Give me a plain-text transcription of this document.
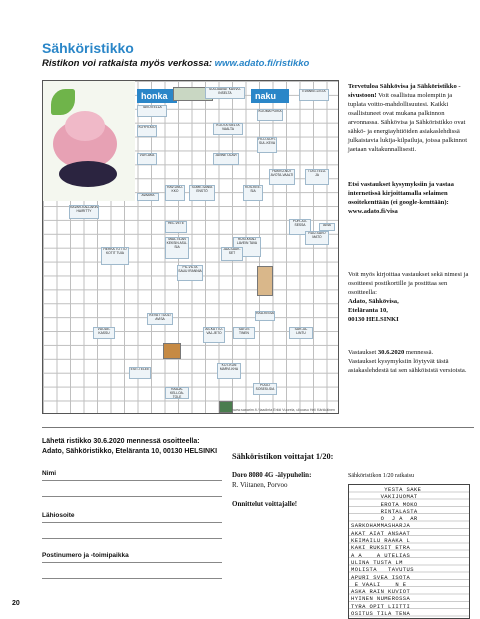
Sähköristikko

Ristikon voi ratkaista myös verkossa: www.adato.fi/ristikko

honka	naku
TAVOITELLA
SUOJAAVAT KASVU-INSELTA	EVANKE-LISTA
KOOMA POIKA
KÖYHI-KIÖ	KOOTA SIELTÄ VAALTA
FILO-SOFI-SUL-KEVA
VUR-AKA	JÄNNE OLAVI
HUKKU-NUT AVOTA-VAALTI
TOSI-TELU-JA
AVAARA
RAV-UNU-KKO
SOME-SANIA ENSTÖ
KOS-KEE-SIA
KÄVAR-KÄLLÄKIN HAIRITTY
HEL-VETE	POH-JOI-SESSA	AINA
MAA-TILAN KEKSIN ASU-SIA
RUSI-KKALI LAVEIN TAVA
RUU-SAVO MATO
HERKÄ TOTTO KOTIT TUIA
JÄÄ-SAUK-SET
PIL-VILTÄ SAUU IRANNIA
RAU-KISSA
KEVÄT TUULI AVISA
VUODE-KASSU
AS-KUTTU-VAJ-JETO
SATOS TINEN
SAR-JA-LINTU
KOT-KUN MARVI-KHA
ESIT-TELEE
RAAJA-KELLOA-TOLE
PUOLI SOSESI-SIA
www.sanarim.fi / laadinta Erkki Vuorela, ulkoasu Heli Kärkkäinen
Tervetuloa Sähkövisa ja Sähköristikko -sivustoon! Voit osallistua molempiin ja tuplata voitto-mahdollisuutesi. Kaikki osallistuneet ovat mukana palkinnon arvonnassa. Sähkövisa ja Sähköristikko ovat sähkö- ja energiayhtiöiden asiakaslehdissä julkaistavia lukija-kilpailuja, joissa palkinnot jaetaan valtakunnallisesti.
Etsi vastaukset kysymyksiin ja vastaa internetissä kirjoittamalla selaimen osoitekenttään (ei google-kenttään):
www.adato.fi/visa
Voit myös kirjoittaa vastaukset sekä nimesi ja osoitteesi postikortille ja postittaa sen osoitteella:
Adato, Sähkövisa,
Eteläranta 10,
00130 HELSINKI
Vastaukset 30.6.2020 mennessä.
Vastaukset kysymyksiin löytyvät tästä asiakaslehdestä tai sen sähköisistä versioista.
Lähetä ristikko 30.6.2020 mennessä osoitteella:
Adato, Sähköristikko, Eteläranta 10, 00130 HELSINKI
Nimi
Lähiosoite
Postinumero ja -toimipaikka

Sähköristikon voittajat 1/20:

Doro 8080 4G -älypuhelin:
R. Viitanen, Porvoo

Onnittelut voittajalle!

Sähköristikon 1/20 ratkaisu
YESTA SAKE
VAKIJUOMAT
EROTA MOKO
RINTALASTA
O  J A  AR
SARKOHAMMASHARJA
AKAT AIAT ANSAAT
KEIMAILU RAAKA L
KAKI RUKSIT ETRA
A A    A UTELIAS
ULINA TUSTA LM
MOLISTA   TAVUTUS
APURI SVEA ISOTA
E VAALI    N E
ASKA RAIN KUVIOT
HYINEN NUMEROSSA
TYRA OPIT LIITTI
OSITUS TILA TENA
20
